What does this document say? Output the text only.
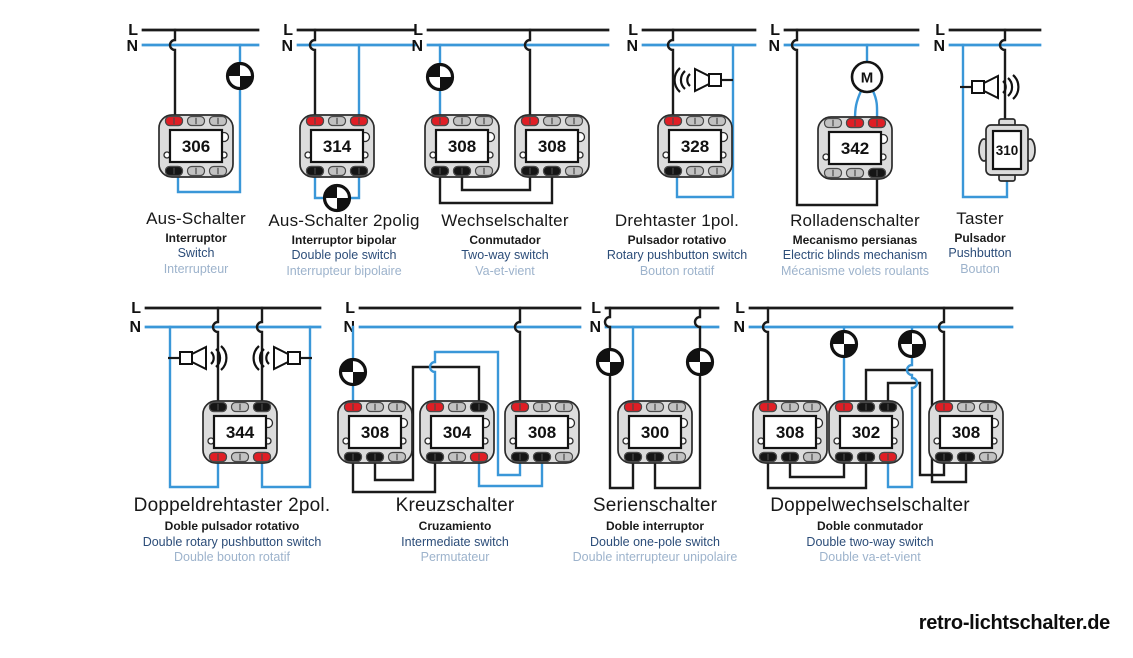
L
N
306
L
N
314
L
N
308	308
L
N
328
L
N
M
342
L
N
310
L
N
344
L
N
308	304	308
L
N
300
L
N
308	302	308
Aus-Schalter
Interruptor
Switch
Interrupteur
Aus-Schalter 2polig
Interruptor bipolar
Double pole switch
Interrupteur bipolaire
Wechselschalter
Conmutador
Two-way switch
Va-et-vient
Drehtaster 1pol.
Pulsador rotativo
Rotary pushbutton switch
Bouton rotatif
Rolladenschalter
Mecanismo persianas
Electric blinds mechanism
Mécanisme volets roulants
Taster
Pulsador
Pushbutton
Bouton
Doppeldrehtaster 2pol.
Doble pulsador rotativo
Double rotary pushbutton switch
Double bouton rotatif
Kreuzschalter
Cruzamiento
Intermediate switch
Permutateur
Serienschalter
Doble interruptor
Double one-pole switch
Double interrupteur unipolaire
Doppelwechselschalter
Doble conmutador
Double two-way switch
Double va-et-vient
retro-lichtschalter.de
